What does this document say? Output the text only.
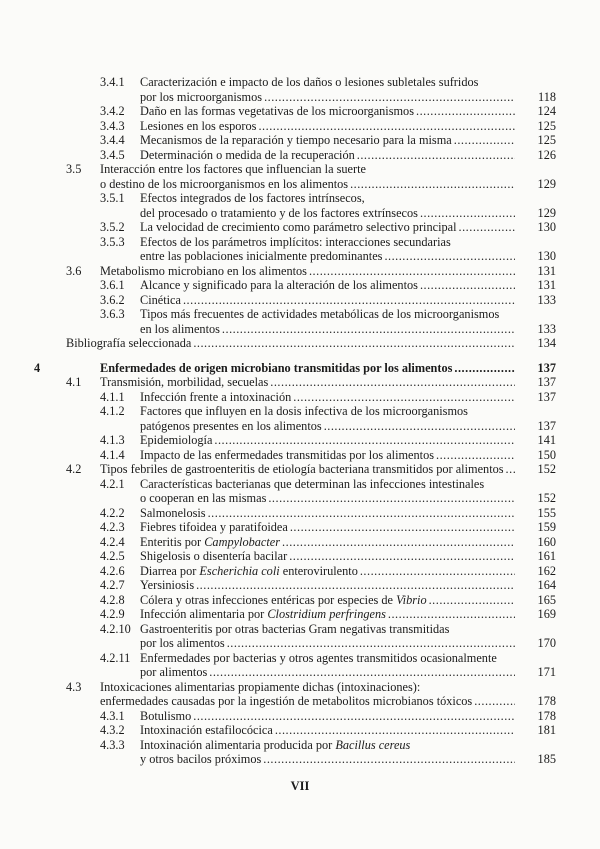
3.4.1 Caracterización e impacto de los daños o lesiones subletales sufridos
por los microorganismos .....	118
3.4.2 Daño en las formas vegetativas de los microorganismos .....	124
3.4.3 Lesiones en los esporos .....	125
3.4.4 Mecanismos de la reparación y tiempo necesario para la misma .....	125
3.4.5 Determinación o medida de la recuperación .....	126
3.5 Interacción entre los factores que influencian la suerte
o destino de los microorganismos en los alimentos .....	129
3.5.1 Efectos integrados de los factores intrínsecos,
del procesado o tratamiento y de los factores extrínsecos .....	129
3.5.2 La velocidad de crecimiento como parámetro selectivo principal .....	130
3.5.3 Efectos de los parámetros implícitos: interacciones secundarias
entre las poblaciones inicialmente predominantes .....	130
3.6 Metabolismo microbiano en los alimentos .....	131
3.6.1 Alcance y significado para la alteración de los alimentos .....	131
3.6.2 Cinética .....	133
3.6.3 Tipos más frecuentes de actividades metabólicas de los microorganismos
en los alimentos .....	133
Bibliografía seleccionada .....	134
4	Enfermedades de origen microbiano transmitidas por los alimentos .....	137
4.1 Transmisión, morbilidad, secuelas .....	137
4.1.1 Infección frente a intoxinación .....	137
4.1.2 Factores que influyen en la dosis infectiva de los microorganismos
patógenos presentes en los alimentos .....	137
4.1.3 Epidemiología .....	141
4.1.4 Impacto de las enfermedades transmitidas por los alimentos .....	150
4.2 Tipos febriles de gastroenteritis de etiología bacteriana transmitidos por alimentos .....	152
4.2.1 Características bacterianas que determinan las infecciones intestinales
o cooperan en las mismas .....	152
4.2.2 Salmonelosis .....	155
4.2.3 Fiebres tifoidea y paratifoidea .....	159
4.2.4 Enteritis por Campylobacter .....	160
4.2.5 Shigelosis o disentería bacilar .....	161
4.2.6 Diarrea por Escherichia coli enterovirulento .....	162
4.2.7 Yersiniosis .....	164
4.2.8 Cólera y otras infecciones entéricas por especies de Vibrio .....	165
4.2.9 Infección alimentaria por Clostridium perfringens .....	169
4.2.10 Gastroenteritis por otras bacterias Gram negativas transmitidas
por los alimentos .....	170
4.2.11 Enfermedades por bacterias y otros agentes transmitidos ocasionalmente
por alimentos .....	171
4.3 Intoxicaciones alimentarias propiamente dichas (intoxinaciones):
enfermedades causadas por la ingestión de metabolitos microbianos tóxicos .....	178
4.3.1 Botulismo .....	178
4.3.2 Intoxinación estafilocócica .....	181
4.3.3 Intoxinación alimentaria producida por Bacillus cereus
y otros bacilos próximos .....	185
VII
